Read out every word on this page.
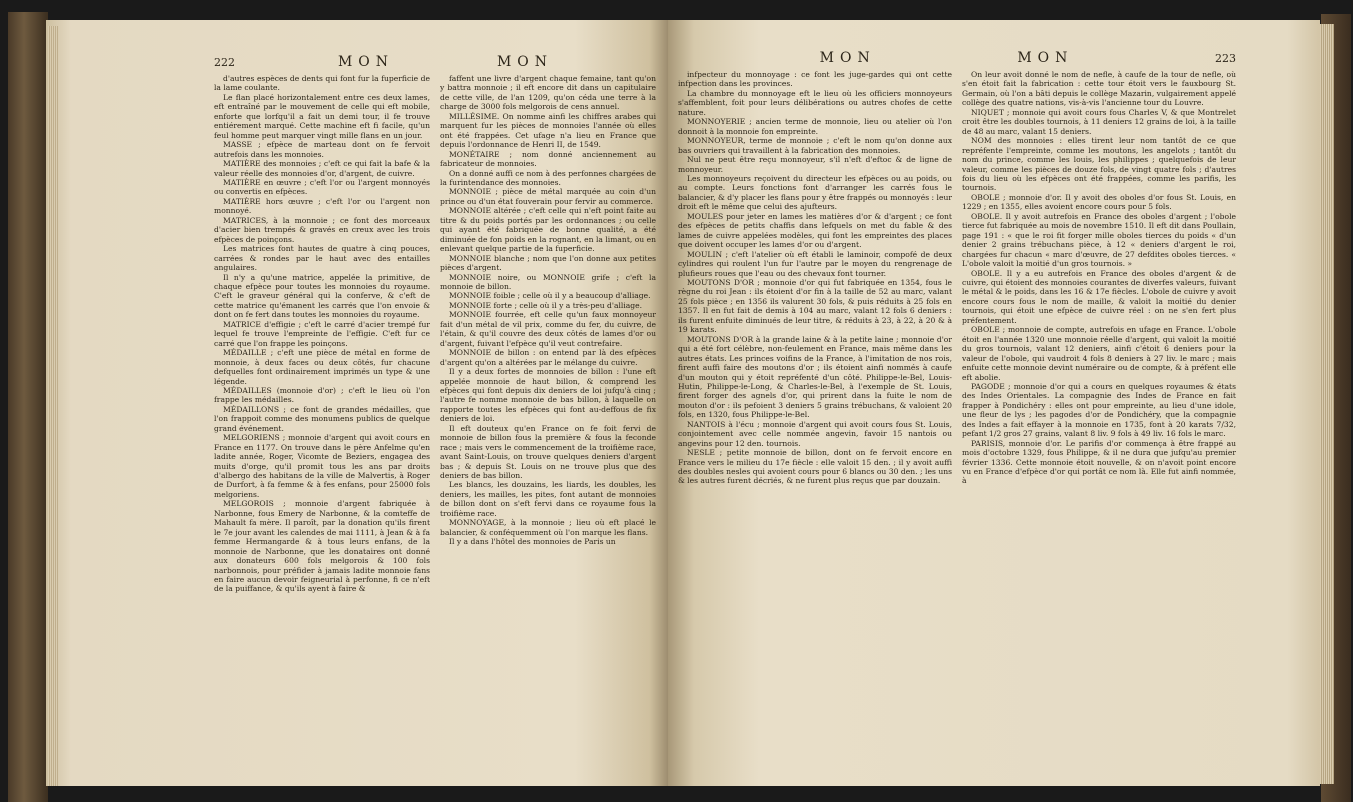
222	MON	MON

d'autres espèces de dents qui font fur la fuperficie de la lame coulante.

Le flan placé horizontalement entre ces deux lames, eft entraîné par le mouvement de celle qui eft mobile, enforte que lorfqu'il a fait un demi tour, il fe trouve entiérement marqué. Cette machine eft fi facile, qu'un feul homme peut marquer vingt mille flans en un jour.

MASSE ; efpèce de marteau dont on fe fervoit autrefois dans les monnoies.

MATIÈRE des monnoies ; c'eft ce qui fait la bafe & la valeur réelle des monnoies d'or, d'argent, de cuivre.

MATIÈRE en œuvre ; c'eft l'or ou l'argent monnoyés ou convertis en efpèces.

MATIÈRE hors œuvre ; c'eft l'or ou l'argent non monnoyé.

MATRICES, à la monnoie ; ce font des morceaux d'acier bien trempés & gravés en creux avec les trois efpèces de poinçons.

Les matrices font hautes de quatre à cinq pouces, carrées & rondes par le haut avec des entailles angulaires.

Il n'y a qu'une matrice, appelée la primitive, de chaque efpèce pour toutes les monnoies du royaume. C'eft le graveur général qui la conferve, & c'eft de cette matrice qu'émanent les carrés que l'on envoie & dont on fe fert dans toutes les monnoies du royaume.

MATRICE d'effigie ; c'eft le carré d'acier trempé fur lequel fe trouve l'empreinte de l'effigie. C'eft fur ce carré que l'on frappe les poinçons.

MÉDAILLE ; c'eft une pièce de métal en forme de monnoie, à deux faces ou deux côtés, fur chacune defquelles font ordinairement imprimés un type & une légende.

MÉDAILLES (monnoie d'or) ; c'eft le lieu où l'on frappe les médailles.

MÉDAILLONS ; ce font de grandes médailles, que l'on frappoit comme des monumens publics de quelque grand événement.

MELGORIENS ; monnoie d'argent qui avoit cours en France en 1177. On trouve dans le père Anfelme qu'en ladite année, Roger, Vicomte de Beziers, engagea des muits d'orge, qu'il promit tous les ans par droits d'albergo des habitans de la ville de Malvertis, à Roger de Durfort, à fa femme & à fes enfans, pour 25000 fols melgoriens.

MELGOROIS ; monnoie d'argent fabriquée à Narbonne, fous Emery de Narbonne, & la comteffe de Mahault fa mère. Il paroît, par la donation qu'ils firent le 7e jour avant les calendes de mai 1111, à Jean & à fa femme Hermangarde & à tous leurs enfans, de la monnoie de Narbonne, que les donataires ont donné aux donateurs 600 fols melgorois & 100 fols narbonnois, pour préfider à jamais ladite monnoie fans en faire aucun devoir feigneurial à perfonne, fi ce n'eft de la puiffance, & qu'ils ayent à faire &

faffent une livre d'argent chaque femaine, tant qu'on y battra monnoie ; il eft encore dit dans un capitulaire de cette ville, de l'an 1209, qu'on céda une terre à la charge de 3000 fols melgorois de cens annuel.

MILLÉSIME. On nomme ainfi les chiffres arabes qui marquent fur les pièces de monnoies l'année où elles ont été frappées. Cet ufage n'a lieu en France que depuis l'ordonnance de Henri II, de 1549.

MONÉTAIRE ; nom donné anciennement au fabricateur de monnoies.

On a donné auffi ce nom à des perfonnes chargées de la furintendance des monnoies.

MONNOIE ; pièce de métal marquée au coin d'un prince ou d'un état fouverain pour fervir au commerce.

MONNOIE altérée ; c'eft celle qui n'eft point faite au titre & du poids portés par les ordonnances ; ou celle qui ayant été fabriquée de bonne qualité, a été diminuée de fon poids en la rognant, en la limant, ou en enlevant quelque partie de la fuperficie.

MONNOIE blanche ; nom que l'on donne aux petites pièces d'argent.

MONNOIE noire, ou MONNOIE grife ; c'eft la monnoie de billon.

MONNOIE foible ; celle où il y a beaucoup d'alliage.

MONNOIE forte ; celle où il y a très-peu d'alliage.

MONNOIE fourrée, eft celle qu'un faux monnoyeur fait d'un métal de vil prix, comme du fer, du cuivre, de l'étain, & qu'il couvre des deux côtés de lames d'or ou d'argent, fuivant l'efpèce qu'il veut contrefaire.

MONNOIE de billon : on entend par là des efpèces d'argent qu'on a altérées par le mélange du cuivre.

Il y a deux fortes de monnoies de billon : l'une eft appelée monnoie de haut billon, & comprend les efpèces qui font depuis dix deniers de loi jufqu'à cinq ; l'autre fe nomme monnoie de bas billon, à laquelle on rapporte toutes les efpèces qui font au-deffous de fix deniers de loi.

Il eft douteux qu'en France on fe foit fervi de monnoie de billon fous la première & fous la feconde race ; mais vers le commencement de la troifième race, avant Saint-Louis, on trouve quelques deniers d'argent bas ; & depuis St. Louis on ne trouve plus que des deniers de bas billon.

Les blancs, les douzains, les liards, les doubles, les deniers, les mailles, les pites, font autant de monnoies de billon dont on s'eft fervi dans ce royaume fous la troifième race.

MONNOYAGE, à la monnoie ; lieu où eft placé le balancier, & conféquemment où l'on marque les flans.

Il y a dans l'hôtel des monnoies de Paris un

MON	MON	223

infpecteur du monnoyage : ce font les juge-gardes qui ont cette infpection dans les provinces.

La chambre du monnoyage eft le lieu où les officiers monnoyeurs s'affemblent, foit pour leurs délibérations ou autres chofes de cette nature.

MONNOYERIE ; ancien terme de monnoie, lieu ou atelier où l'on donnoit à la monnoie fon empreinte.

MONNOYEUR, terme de monnoie ; c'eft le nom qu'on donne aux bas ouvriers qui travaillent à la fabrication des monnoies.

Nul ne peut être reçu monnoyeur, s'il n'eft d'eftoc & de ligne de monnoyeur.

Les monnoyeurs reçoivent du directeur les efpèces ou au poids, ou au compte. Leurs fonctions font d'arranger les carrés fous le balancier, & d'y placer les flans pour y être frappés ou monnoyés : leur droit eft le même que celui des ajufteurs.

MOULES pour jeter en lames les matières d'or & d'argent ; ce font des efpèces de petits chaffis dans lefquels on met du fable & des lames de cuivre appelées modèles, qui font les empreintes des places que doivent occuper les lames d'or ou d'argent.

MOULIN ; c'eft l'atelier où eft établi le laminoir, compofé de deux cylindres qui roulent l'un fur l'autre par le moyen du rengrenage de plufieurs roues que l'eau ou des chevaux font tourner.

MOUTONS D'OR ; monnoie d'or qui fut fabriquée en 1354, fous le règne du roi Jean : ils étoient d'or fin à la taille de 52 au marc, valant 25 fols pièce ; en 1356 ils valurent 30 fols, & puis réduits à 25 fols en 1357. Il en fut fait de demis à 104 au marc, valant 12 fols 6 deniers : ils furent enfuite diminués de leur titre, & réduits à 23, à 22, à 20 & à 19 karats.

MOUTONS D'OR à la grande laine & à la petite laine ; monnoie d'or qui a été fort célèbre, non-feulement en France, mais même dans les autres états. Les princes voifins de la France, à l'imitation de nos rois, firent auffi faire des moutons d'or ; ils étoient ainfi nommés à caufe d'un mouton qui y étoit repréfenté d'un côté. Philippe-le-Bel, Louis-Hutin, Philippe-le-Long, & Charles-le-Bel, à l'exemple de St. Louis, firent forger des agnels d'or, qui prirent dans la fuite le nom de mouton d'or : ils pefoient 3 deniers 5 grains trébuchans, & valoient 20 fols, en 1320, fous Philippe-le-Bel.

NANTOIS à l'écu ; monnoie d'argent qui avoit cours fous St. Louis, conjointement avec celle nommée angevin, favoir 15 nantois ou angevins pour 12 den. tournois.

NESLE ; petite monnoie de billon, dont on fe fervoit encore en France vers le milieu du 17e fiècle : elle valoit 15 den. ; il y avoit auffi des doubles nesles qui avoient cours pour 6 blancs ou 30 den. ; les uns & les autres furent décriés, & ne furent plus reçus que par douzain.

On leur avoit donné le nom de nefle, à caufe de la tour de nefle, où s'en étoit fait la fabrication : cette tour étoit vers le fauxbourg St. Germain, où l'on a bâti depuis le collège Mazarin, vulgairement appelé collège des quatre nations, vis-à-vis l'ancienne tour du Louvre.

NIQUET ; monnoie qui avoit cours fous Charles V, & que Montrelet croit être les doubles tournois, à 11 deniers 12 grains de loi, à la taille de 48 au marc, valant 15 deniers.

NOM des monnoies : elles tirent leur nom tantôt de ce que repréfente l'empreinte, comme les moutons, les angelots ; tantôt du nom du prince, comme les louis, les philippes ; quelquefois de leur valeur, comme les pièces de douze fols, de vingt quatre fols ; d'autres fois du lieu où les efpèces ont été frappées, comme les parifis, les tournois.

OBOLE ; monnoie d'or. Il y avoit des oboles d'or fous St. Louis, en 1229 ; en 1355, elles avoient encore cours pour 5 fols.

OBOLE. Il y avoit autrefois en France des oboles d'argent ; l'obole tierce fut fabriquée au mois de novembre 1510. Il eft dit dans Poullain, page 191 : « que le roi fit forger mille oboles tierces du poids « d'un denier 2 grains trébuchans pièce, à 12 « deniers d'argent le roi, chargées fur chacun « marc d'œuvre, de 27 defdites oboles tierces. « L'obole valoit la moitié d'un gros tournois. »

OBOLE. Il y a eu autrefois en France des oboles d'argent & de cuivre, qui étoient des monnoies courantes de diverfes valeurs, fuivant le métal & le poids, dans les 16 & 17e fiècles. L'obole de cuivre y avoit encore cours fous le nom de maille, & valoit la moitié du denier tournois, qui étoit une efpèce de cuivre réel : on ne s'en fert plus préfentement.

OBOLE ; monnoie de compte, autrefois en ufage en France. L'obole étoit en l'année 1320 une monnoie réelle d'argent, qui valoit la moitié du gros tournois, valant 12 deniers, ainfi c'étoit 6 deniers pour la valeur de l'obole, qui vaudroit 4 fols 8 deniers à 27 liv. le marc ; mais enfuite cette monnoie devint numéraire ou de compte, & à préfent elle eft abolie.

PAGODE ; monnoie d'or qui a cours en quelques royaumes & états des Indes Orientales. La compagnie des Indes de France en fait frapper à Pondichéry : elles ont pour empreinte, au lieu d'une idole, une fleur de lys ; les pagodes d'or de Pondichéry, que la compagnie des Indes a fait effayer à la monnoie en 1735, font à 20 karats 7/32, pefant 1/2 gros 27 grains, valant 8 liv. 9 fols à 49 liv. 16 fols le marc.

PARISIS, monnoie d'or. Le parifis d'or commença à être frappé au mois d'octobre 1329, fous Philippe, & il ne dura que jufqu'au premier février 1336. Cette monnoie étoit nouvelle, & on n'avoit point encore vu en France d'efpèce d'or qui portât ce nom là. Elle fut ainfi nommée, à
